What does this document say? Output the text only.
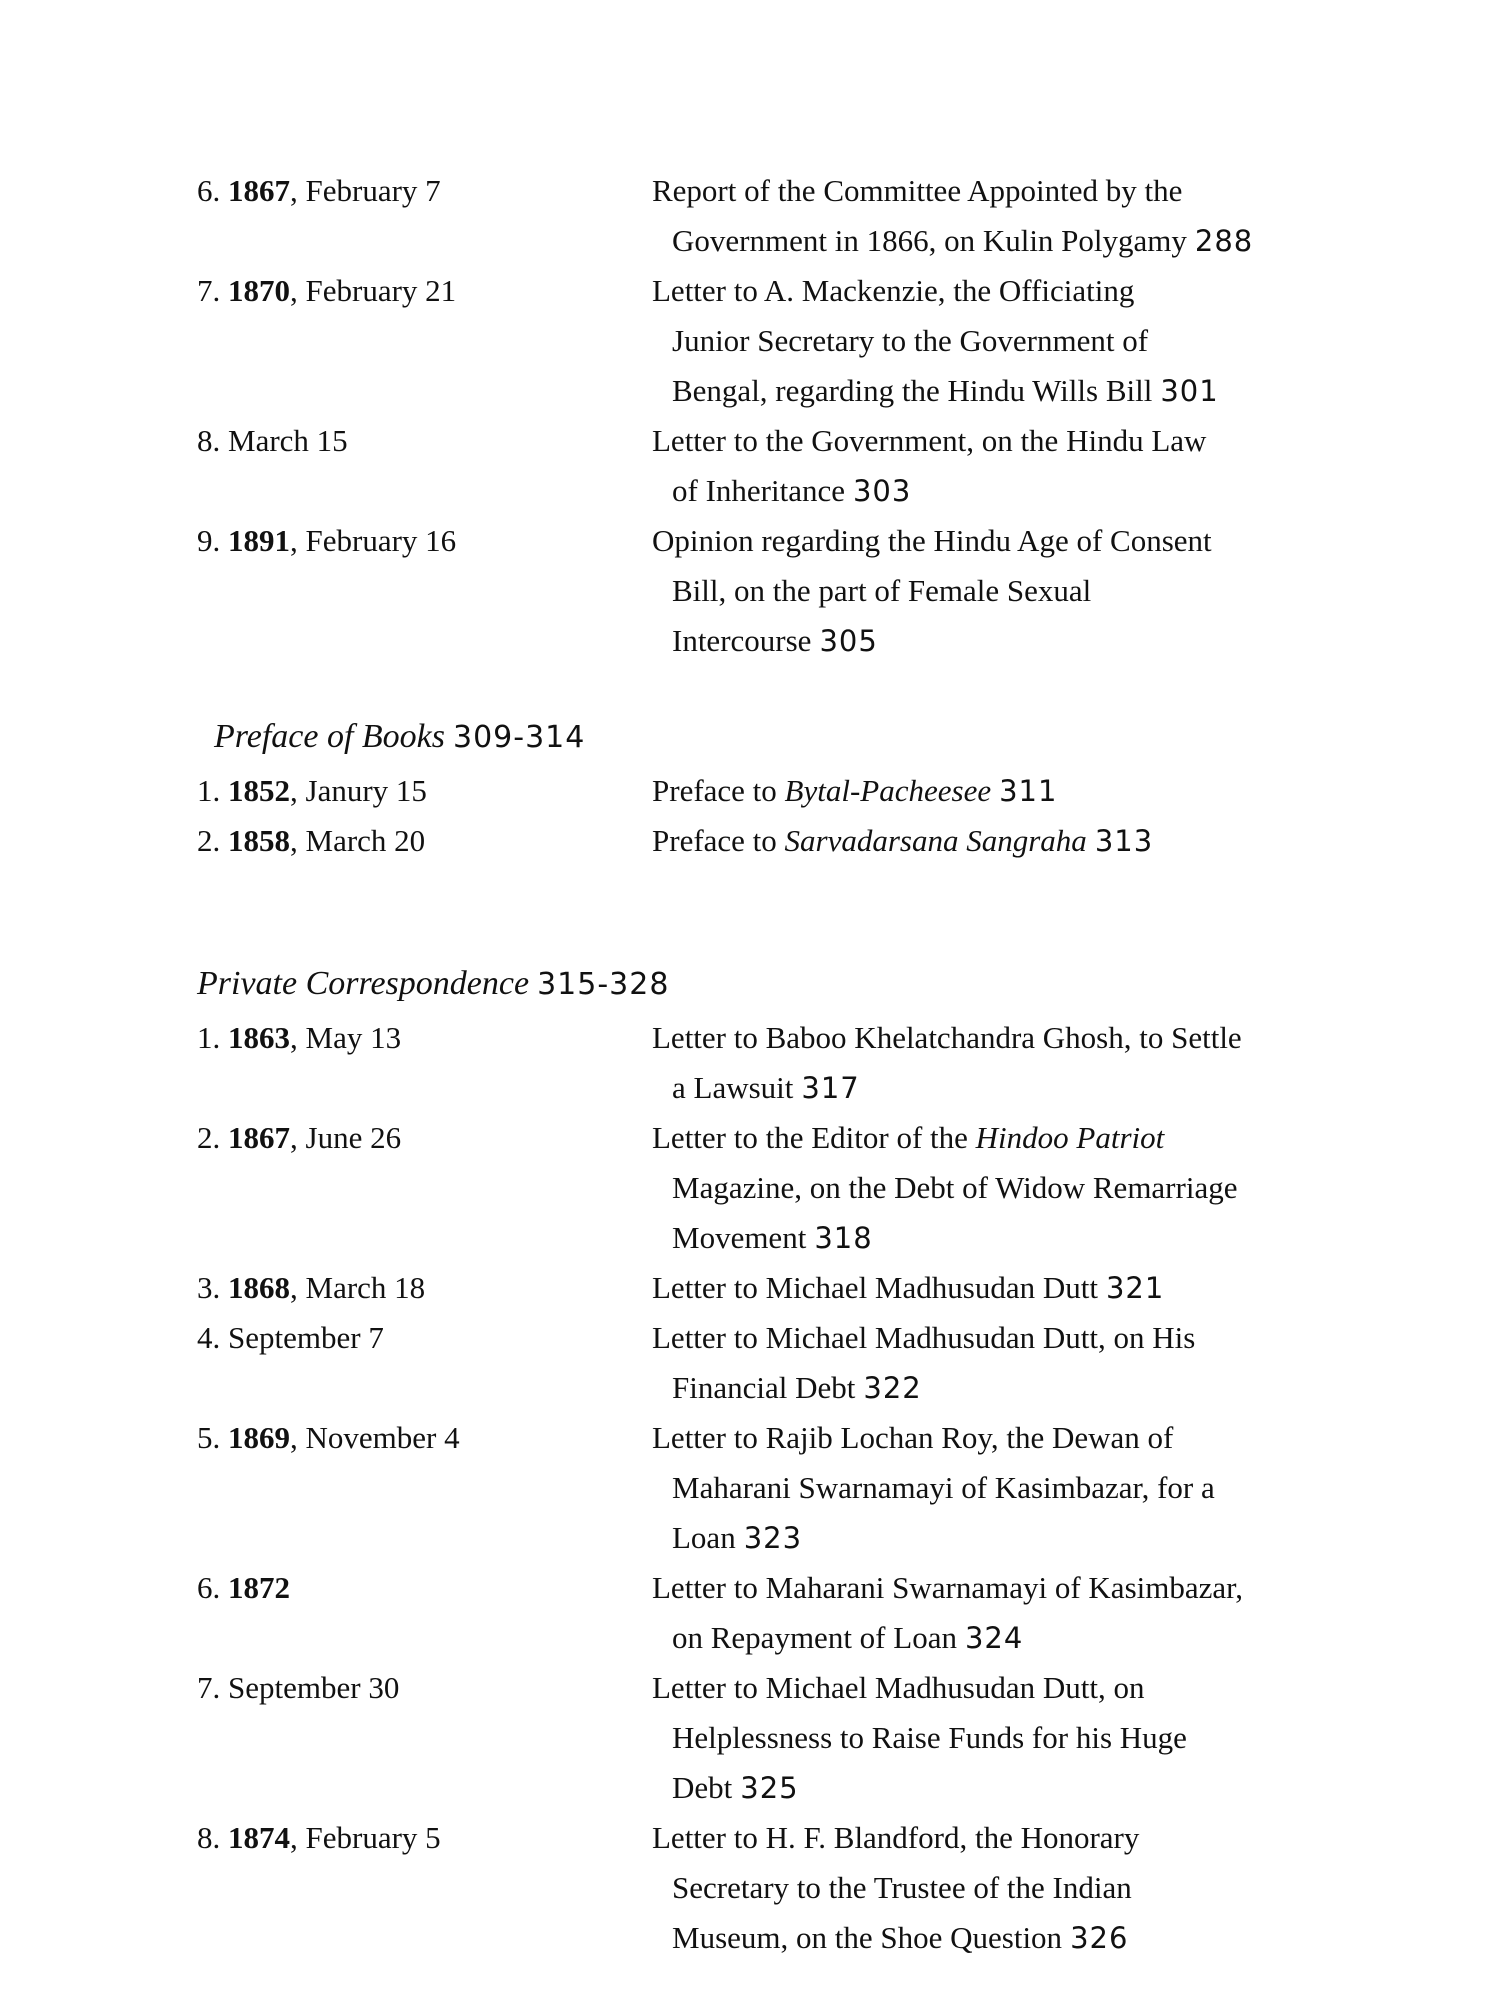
6. 1867, February 7	Report of the Committee Appointed by the
Government in 1866, on Kulin Polygamy 288
7. 1870, February 21	Letter to A. Mackenzie, the Officiating
Junior Secretary to the Government of
Bengal, regarding the Hindu Wills Bill 301
8. March 15	Letter to the Government, on the Hindu Law
of Inheritance 303
9. 1891, February 16	Opinion regarding the Hindu Age of Consent
Bill, on the part of Female Sexual
Intercourse 305
Preface of Books 309-314
1. 1852, Janury 15	Preface to Bytal-Pacheesee 311
2. 1858, March 20	Preface to Sarvadarsana Sangraha 313
Private Correspondence 315-328
1. 1863, May 13	Letter to Baboo Khelatchandra Ghosh, to Settle
a Lawsuit 317
2. 1867, June 26	Letter to the Editor of the Hindoo Patriot
Magazine, on the Debt of Widow Remarriage
Movement 318
3. 1868, March 18	Letter to Michael Madhusudan Dutt 321
4. September 7	Letter to Michael Madhusudan Dutt, on His
Financial Debt 322
5. 1869, November 4	Letter to Rajib Lochan Roy, the Dewan of
Maharani Swarnamayi of Kasimbazar, for a
Loan 323
6. 1872	Letter to Maharani Swarnamayi of Kasimbazar,
on Repayment of Loan 324
7. September 30	Letter to Michael Madhusudan Dutt, on
Helplessness to Raise Funds for his Huge
Debt 325
8. 1874, February 5	Letter to H. F. Blandford, the Honorary
Secretary to the Trustee of the Indian
Museum, on the Shoe Question 326
